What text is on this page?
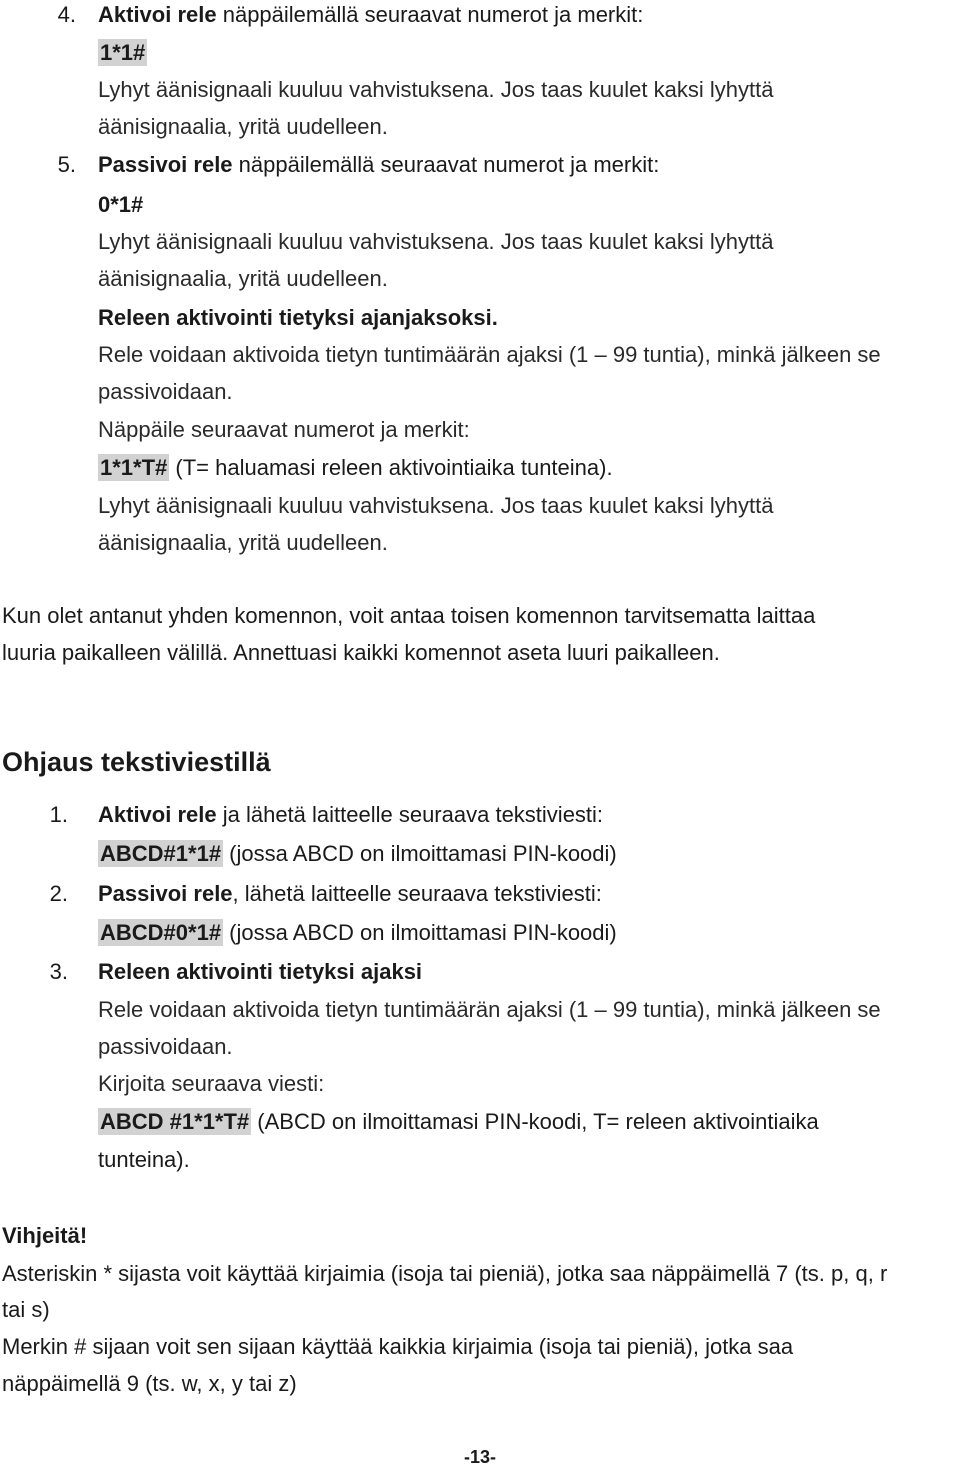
4. Aktivoi rele näppäilemällä seuraavat numerot ja merkit:
1*1#
Lyhyt äänisignaali kuuluu vahvistuksena. Jos taas kuulet kaksi lyhyttä
äänisignaalia, yritä uudelleen.
5. Passivoi rele näppäilemällä seuraavat numerot ja merkit:
0*1#
Lyhyt äänisignaali kuuluu vahvistuksena. Jos taas kuulet kaksi lyhyttä
äänisignaalia, yritä uudelleen.
Releen aktivointi tietyksi ajanjaksoksi.
Rele voidaan aktivoida tietyn tuntimäärän ajaksi (1 – 99 tuntia), minkä jälkeen se
passivoidaan.
Näppäile seuraavat numerot ja merkit:
1*1*T# (T= haluamasi releen aktivointiaika tunteina).
Lyhyt äänisignaali kuuluu vahvistuksena. Jos taas kuulet kaksi lyhyttä
äänisignaalia, yritä uudelleen.
Kun olet antanut yhden komennon, voit antaa toisen komennon tarvitsematta laittaa
luuria paikalleen välillä. Annettuasi kaikki komennot aseta luuri paikalleen.
Ohjaus tekstiviestillä
1. Aktivoi rele ja lähetä laitteelle seuraava tekstiviesti:
ABCD#1*1# (jossa ABCD on ilmoittamasi PIN-koodi)
2. Passivoi rele, lähetä laitteelle seuraava tekstiviesti:
ABCD#0*1# (jossa ABCD on ilmoittamasi PIN-koodi)
3. Releen aktivointi tietyksi ajaksi
Rele voidaan aktivoida tietyn tuntimäärän ajaksi (1 – 99 tuntia), minkä jälkeen se
passivoidaan.
Kirjoita seuraava viesti:
ABCD #1*1*T# (ABCD on ilmoittamasi PIN-koodi, T= releen aktivointiaika
tunteina).
Vihjeitä!
Asteriskin * sijasta voit käyttää kirjaimia (isoja tai pieniä), jotka saa näppäimellä 7 (ts. p, q, r
tai s)
Merkin # sijaan voit sen sijaan käyttää kaikkia kirjaimia (isoja tai pieniä), jotka saa
näppäimellä 9 (ts. w, x, y tai z)
-13-
